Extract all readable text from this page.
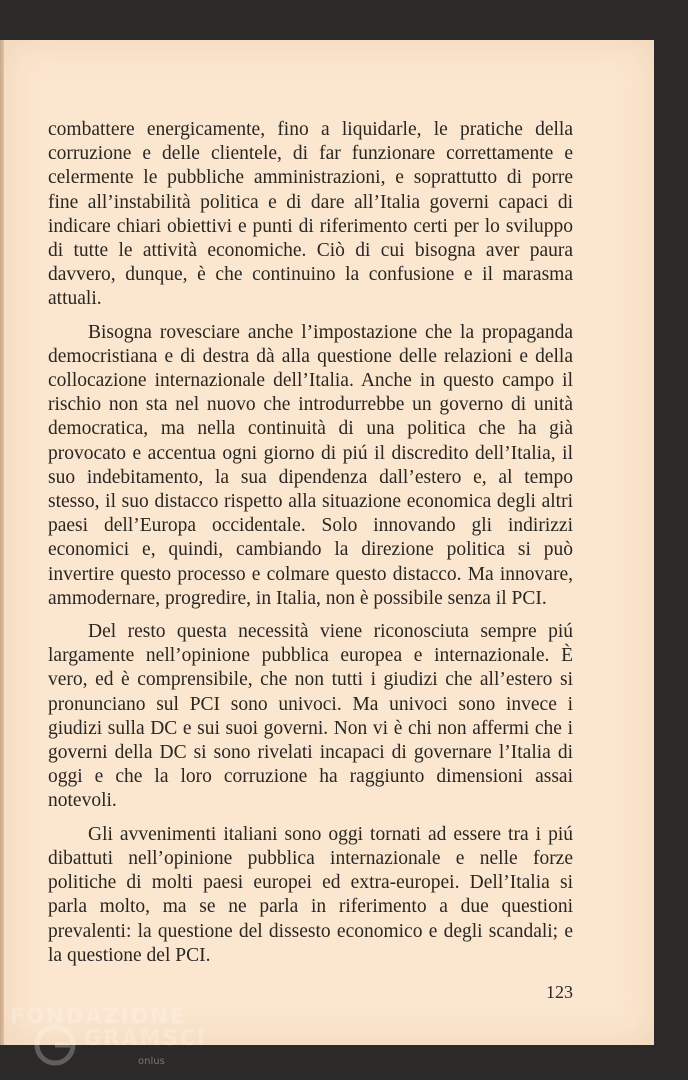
combattere energicamente, fino a liquidarle, le pratiche della corruzione e delle clientele, di far funzionare correttamente e celermente le pubbliche amministrazioni, e soprattutto di porre fine all’instabilità politica e di dare all’Italia governi capaci di indicare chiari obiettivi e punti di riferimento certi per lo sviluppo di tutte le attività economiche. Ciò di cui bisogna aver paura davvero, dunque, è che continuino la confusione e il marasma attuali.

Bisogna rovesciare anche l’impostazione che la propaganda democristiana e di destra dà alla questione delle relazioni e della collocazione internazionale dell’Italia. Anche in questo campo il rischio non sta nel nuovo che introdurrebbe un governo di unità democratica, ma nella continuità di una politica che ha già provocato e accentua ogni giorno di piú il discredito dell’Italia, il suo indebitamento, la sua dipendenza dall’estero e, al tempo stesso, il suo distacco rispetto alla situazione economica degli altri paesi dell’Europa occidentale. Solo innovando gli indirizzi economici e, quindi, cambiando la direzione politica si può invertire questo processo e colmare questo distacco. Ma innovare, ammodernare, progredire, in Italia, non è possibile senza il PCI.

Del resto questa necessità viene riconosciuta sempre piú largamente nell’opinione pubblica europea e internazionale. È vero, ed è comprensibile, che non tutti i giudizi che all’estero si pronunciano sul PCI sono univoci. Ma univoci sono invece i giudizi sulla DC e sui suoi governi. Non vi è chi non affermi che i governi della DC si sono rivelati incapaci di governare l’Italia di oggi e che la loro corruzione ha raggiunto dimensioni assai notevoli.

Gli avvenimenti italiani sono oggi tornati ad essere tra i piú dibattuti nell’opinione pubblica internazionale e nelle forze politiche di molti paesi europei ed extra-europei. Dell’Italia si parla molto, ma se ne parla in riferimento a due questioni prevalenti: la questione del dissesto economico e degli scandali; e la questione del PCI.

123
FONDAZIONE
GRAMSCI
onlus
